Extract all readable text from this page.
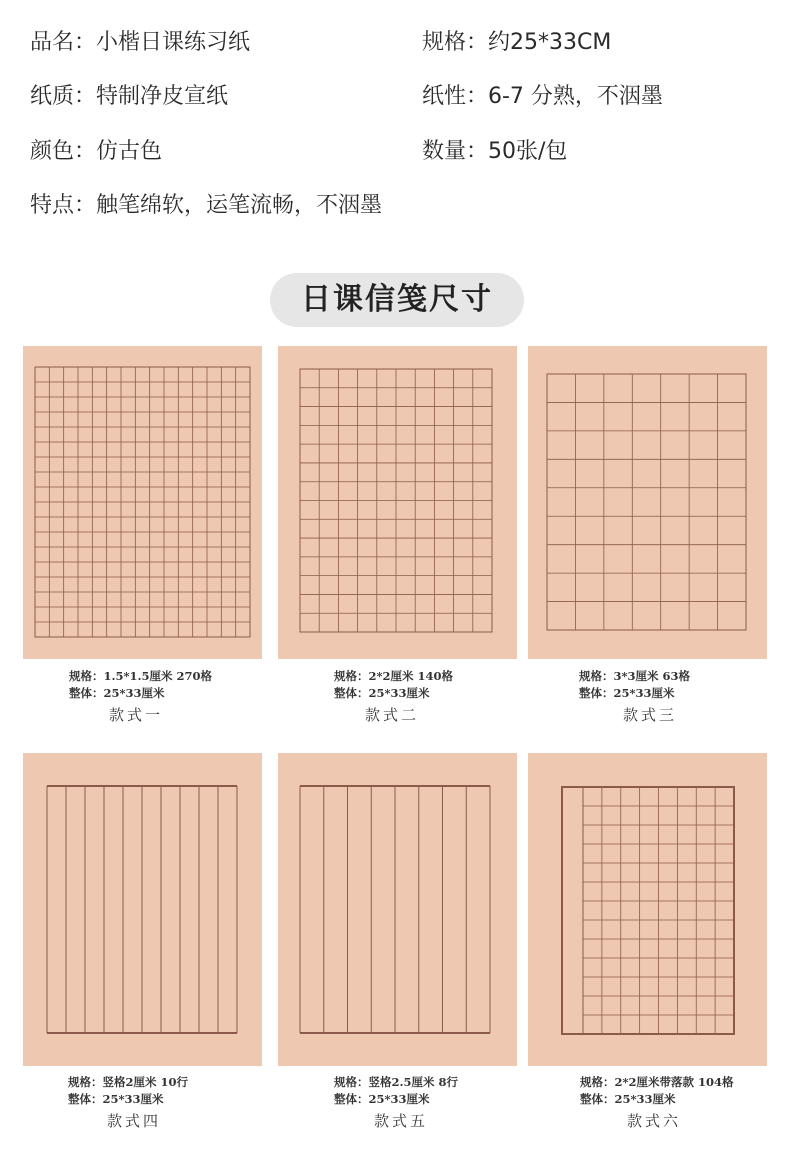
品名：小楷日课练习纸	规格：约25*33CM
纸质：特制净皮宣纸	纸性：6-7 分熟，不洇墨
颜色：仿古色	数量：50张/包
特点：触笔绵软，运笔流畅，不洇墨
日课信笺尺寸
规格：1.5*1.5厘米 270格
整体：25*33厘米
款式一
规格：2*2厘米 140格
整体：25*33厘米
款式二
规格：3*3厘米 63格
整体：25*33厘米
款式三
规格：竖格2厘米 10行
整体：25*33厘米
款式四
规格：竖格2.5厘米 8行
整体：25*33厘米
款式五
规格：2*2厘米带落款 104格
整体：25*33厘米
款式六
